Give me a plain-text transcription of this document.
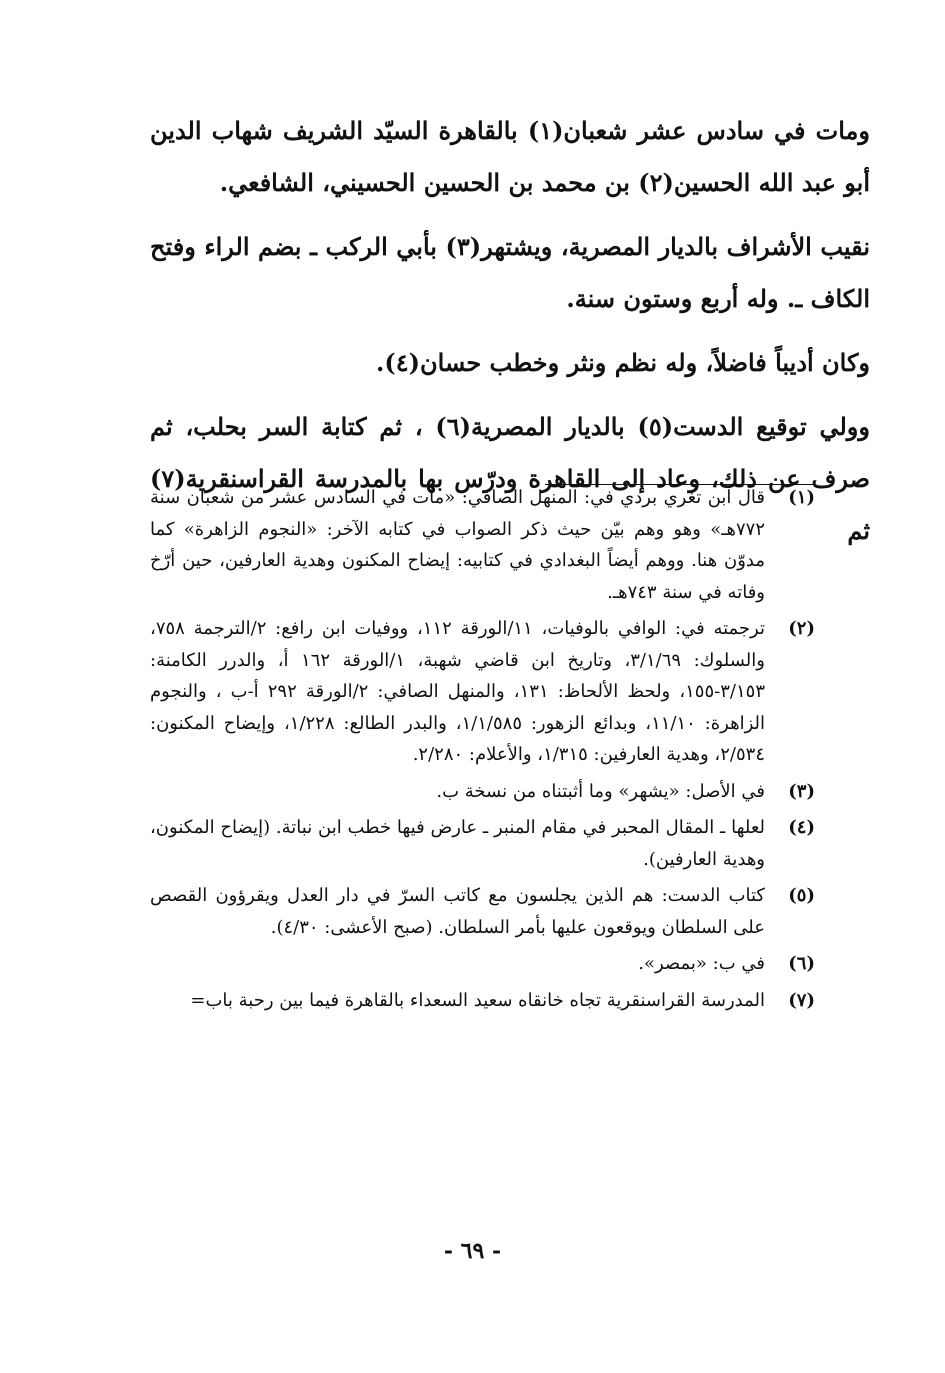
ومات في سادس عشر شعبان(١) بالقاهرة السيّد الشريف شهاب الدين أبو عبد الله الحسين(٢) بن محمد بن الحسين الحسيني، الشافعي.

نقيب الأشراف بالديار المصرية، ويشتهر(٣) بأبي الركب ـ بضم الراء وفتح الكاف ـ. وله أربع وستون سنة.

وكان أديباً فاضلاً، وله نظم ونثر وخطب حسان(٤).

وولي توقيع الدست(٥) بالديار المصرية(٦) ، ثم كتابة السر بحلب، ثم صرف عن ذلك، وعاد إلى القاهرة ودرّس بها بالمدرسة القراسنقرية(٧) ثم

(١)
قال ابن تغري بردي في: المنهل الصافي: «مات في السادس عشر من شعبان سنة ٧٧٢هـ» وهو وهم بيّن حيث ذكر الصواب في كتابه الآخر: «النجوم الزاهرة» كما مدوّن هنا. ووهم أيضاً البغدادي في كتابيه: إيضاح المكنون وهدية العارفين، حين أرّخ وفاته في سنة ٧٤٣هـ.
(٢)
ترجمته في: الوافي بالوفيات، ١١/الورقة ١١٢، ووفيات ابن رافع: ٢/الترجمة ٧٥٨، والسلوك: ٣/١/٦٩، وتاريخ ابن قاضي شهبة، ١/الورقة ١٦٢ أ، والدرر الكامنة: ٣/١٥٣-١٥٥، ولحظ الألحاظ: ١٣١، والمنهل الصافي: ٢/الورقة ٢٩٢ أ-ب ، والنجوم الزاهرة: ١١/١٠، وبدائع الزهور: ١/١/٥٨٥، والبدر الطالع: ١/٢٢٨، وإيضاح المكنون: ٢/٥٣٤، وهدية العارفين: ١/٣١٥، والأعلام: ٢/٢٨٠.
(٣)
في الأصل: «يشهر» وما أثبتناه من نسخة ب.
(٤)
لعلها ـ المقال المحبر في مقام المنبر ـ عارض فيها خطب ابن نباتة. (إيضاح المكنون، وهدية العارفين).
(٥)
كتاب الدست: هم الذين يجلسون مع كاتب السرّ في دار العدل ويقرؤون القصص على السلطان ويوقعون عليها بأمر السلطان. (صبح الأعشى: ٤/٣٠).
(٦)
في ب: «بمصر».
(٧)
المدرسة القراسنقرية تجاه خانقاه سعيد السعداء بالقاهرة فيما بين رحبة باب=
- ٦٩ -
